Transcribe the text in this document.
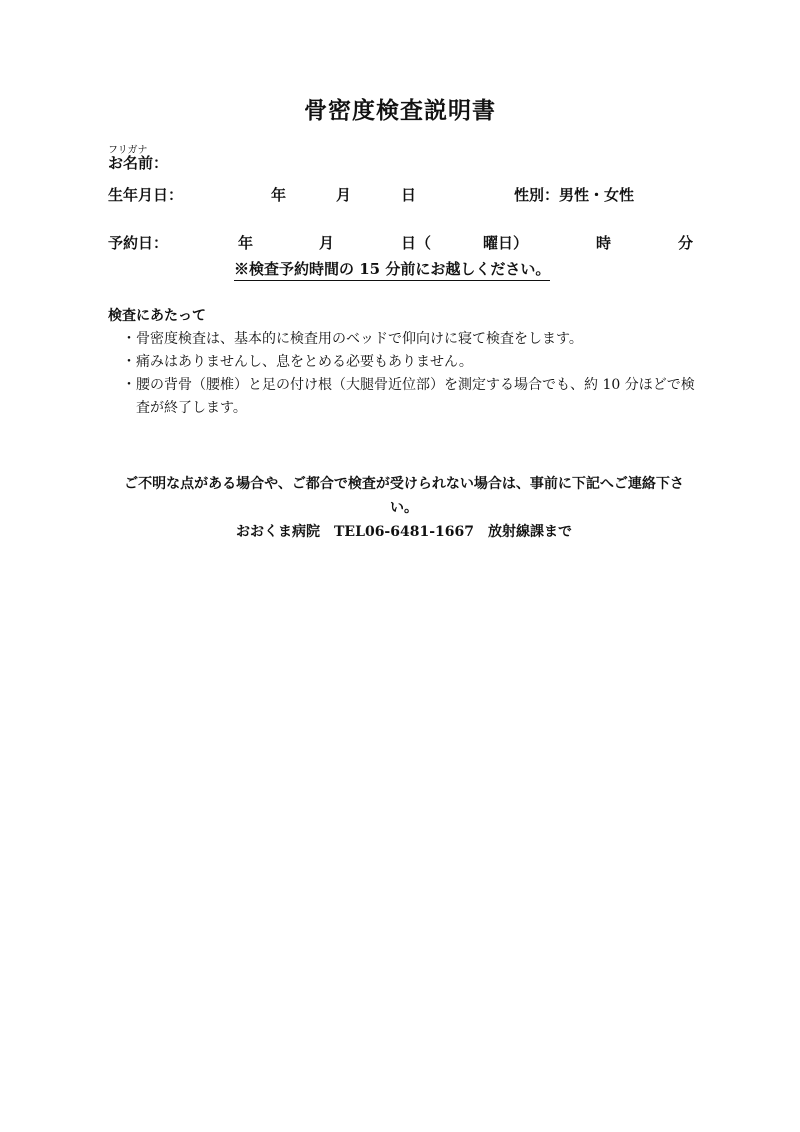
骨密度検査説明書
フリガナ
お名前：
生年月日：	年	月	日	性別：男性・女性
予約日：	年	月	日（	曜日）	時	分
※検査予約時間の 15 分前にお越しください。
検査にあたって
・ 骨密度検査は、基本的に検査用のベッドで仰向けに寝て検査をします。
・ 痛みはありませんし、息をとめる必要もありません。
・ 腰の背骨（腰椎）と足の付け根（大腿骨近位部）を測定する場合でも、約 10 分ほどで検査が終了します。
ご不明な点がある場合や、ご都合で検査が受けられない場合は、事前に下記へご連絡下さ
い。
おおくま病院　TEL06-6481-1667　放射線課まで
